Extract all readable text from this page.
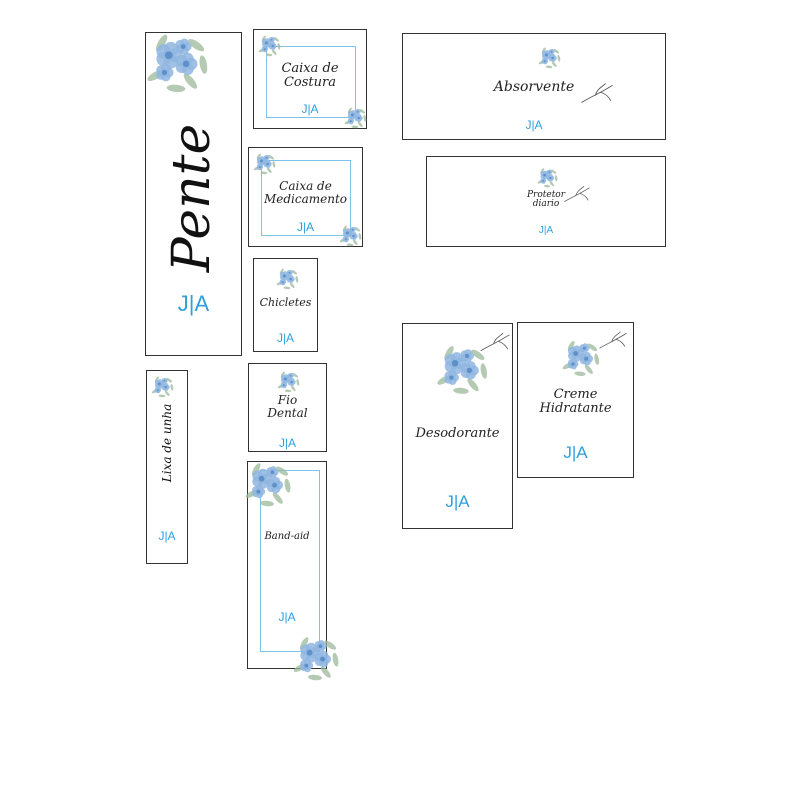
Pente
J|A
Caixa de
Costura
J|A
Caixa de
Medicamento
J|A
Chicletes
J|A
Fio
Dental
J|A
Band-aid
J|A
Lixa de unha
J|A
Absorvente
J|A
Protetor
diario
J|A
Desodorante
J|A
Creme
Hidratante
J|A
